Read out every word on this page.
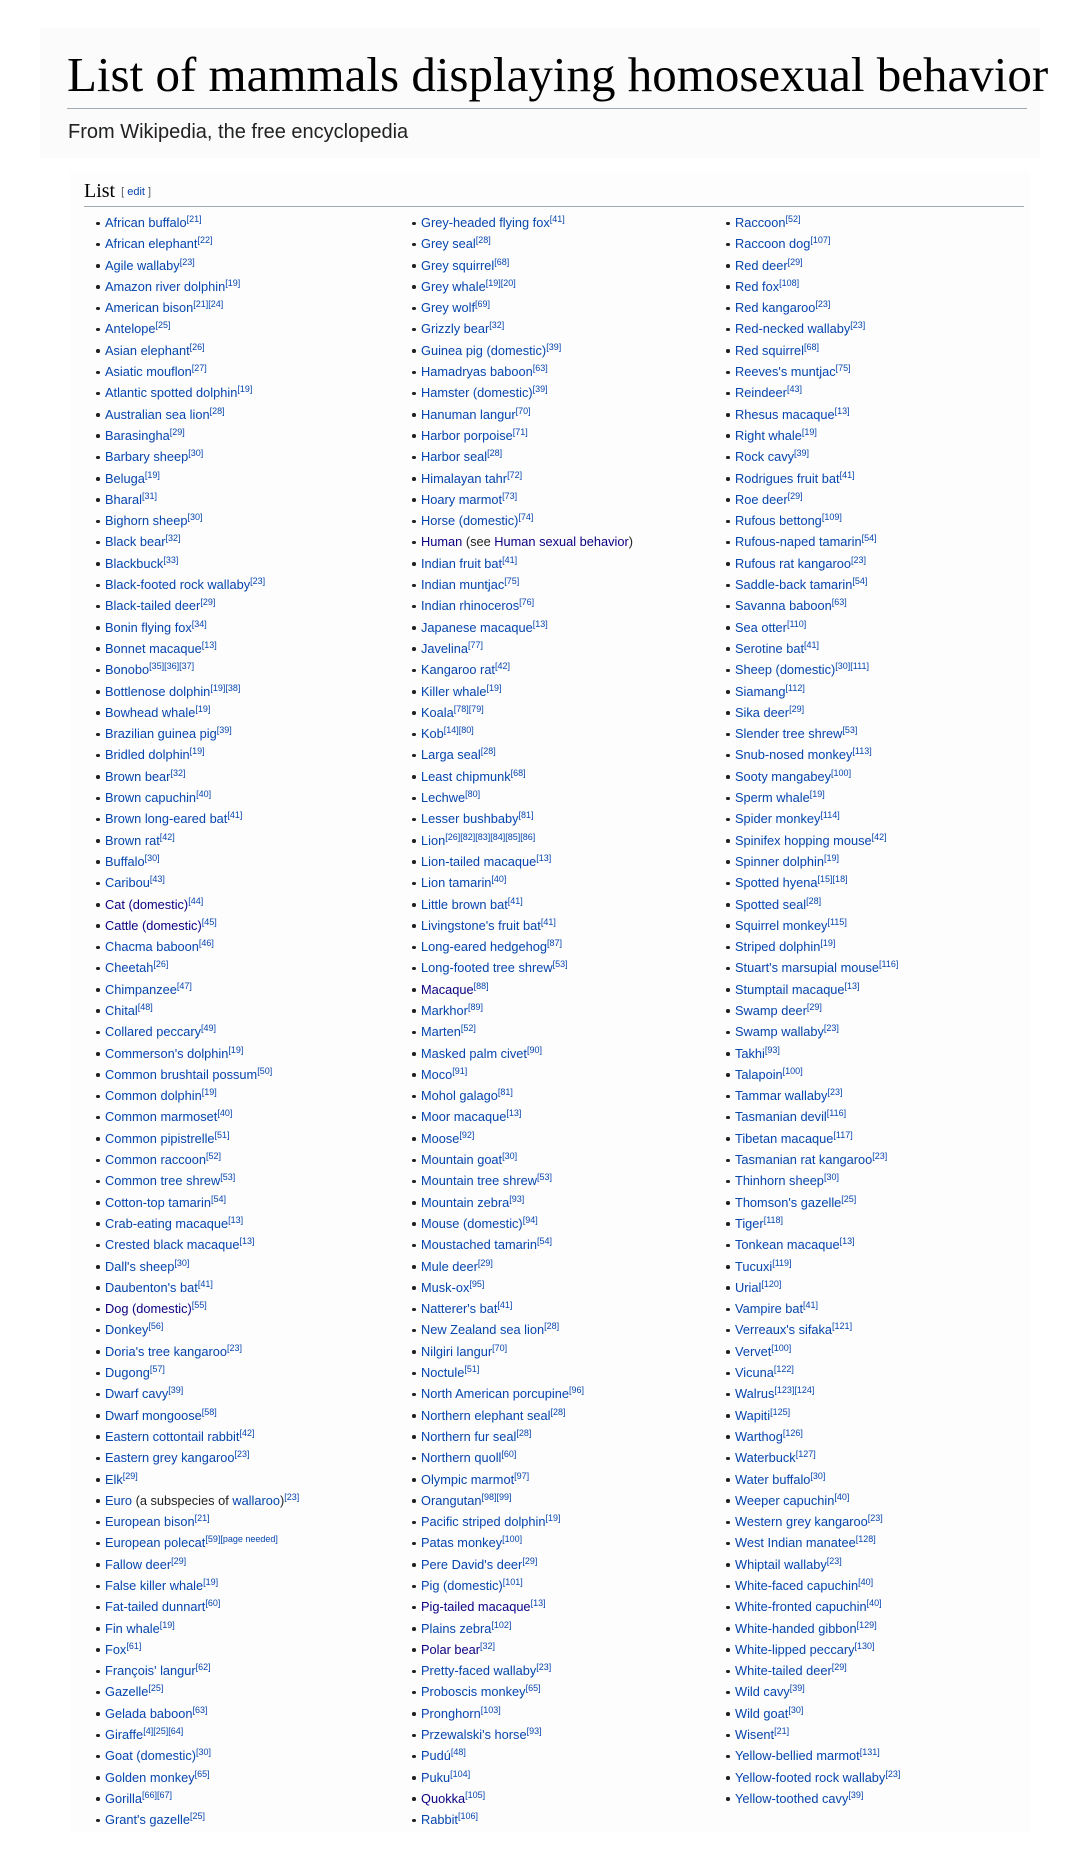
List of mammals displaying homosexual behavior
From Wikipedia, the free encyclopedia
List [ edit ]
African buffalo[21]
African elephant[22]
Agile wallaby[23]
Amazon river dolphin[19]
American bison[21][24]
Antelope[25]
Asian elephant[26]
Asiatic mouflon[27]
Atlantic spotted dolphin[19]
Australian sea lion[28]
Barasingha[29]
Barbary sheep[30]
Beluga[19]
Bharal[31]
Bighorn sheep[30]
Black bear[32]
Blackbuck[33]
Black-footed rock wallaby[23]
Black-tailed deer[29]
Bonin flying fox[34]
Bonnet macaque[13]
Bonobo[35][36][37]
Bottlenose dolphin[19][38]
Bowhead whale[19]
Brazilian guinea pig[39]
Bridled dolphin[19]
Brown bear[32]
Brown capuchin[40]
Brown long-eared bat[41]
Brown rat[42]
Buffalo[30]
Caribou[43]
Cat (domestic)[44]
Cattle (domestic)[45]
Chacma baboon[46]
Cheetah[26]
Chimpanzee[47]
Chital[48]
Collared peccary[49]
Commerson's dolphin[19]
Common brushtail possum[50]
Common dolphin[19]
Common marmoset[40]
Common pipistrelle[51]
Common raccoon[52]
Common tree shrew[53]
Cotton-top tamarin[54]
Crab-eating macaque[13]
Crested black macaque[13]
Dall's sheep[30]
Daubenton's bat[41]
Dog (domestic)[55]
Donkey[56]
Doria's tree kangaroo[23]
Dugong[57]
Dwarf cavy[39]
Dwarf mongoose[58]
Eastern cottontail rabbit[42]
Eastern grey kangaroo[23]
Elk[29]
Euro (a subspecies of wallaroo)[23]
European bison[21]
European polecat[59][page needed]
Fallow deer[29]
False killer whale[19]
Fat-tailed dunnart[60]
Fin whale[19]
Fox[61]
François' langur[62]
Gazelle[25]
Gelada baboon[63]
Giraffe[4][25][64]
Goat (domestic)[30]
Golden monkey[65]
Gorilla[66][67]
Grant's gazelle[25]
Grey-headed flying fox[41]
Grey seal[28]
Grey squirrel[68]
Grey whale[19][20]
Grey wolf[69]
Grizzly bear[32]
Guinea pig (domestic)[39]
Hamadryas baboon[63]
Hamster (domestic)[39]
Hanuman langur[70]
Harbor porpoise[71]
Harbor seal[28]
Himalayan tahr[72]
Hoary marmot[73]
Horse (domestic)[74]
Human (see Human sexual behavior)
Indian fruit bat[41]
Indian muntjac[75]
Indian rhinoceros[76]
Japanese macaque[13]
Javelina[77]
Kangaroo rat[42]
Killer whale[19]
Koala[78][79]
Kob[14][80]
Larga seal[28]
Least chipmunk[68]
Lechwe[80]
Lesser bushbaby[81]
Lion[26][82][83][84][85][86]
Lion-tailed macaque[13]
Lion tamarin[40]
Little brown bat[41]
Livingstone's fruit bat[41]
Long-eared hedgehog[87]
Long-footed tree shrew[53]
Macaque[88]
Markhor[89]
Marten[52]
Masked palm civet[90]
Moco[91]
Mohol galago[81]
Moor macaque[13]
Moose[92]
Mountain goat[30]
Mountain tree shrew[53]
Mountain zebra[93]
Mouse (domestic)[94]
Moustached tamarin[54]
Mule deer[29]
Musk-ox[95]
Natterer's bat[41]
New Zealand sea lion[28]
Nilgiri langur[70]
Noctule[51]
North American porcupine[96]
Northern elephant seal[28]
Northern fur seal[28]
Northern quoll[60]
Olympic marmot[97]
Orangutan[98][99]
Pacific striped dolphin[19]
Patas monkey[100]
Pere David's deer[29]
Pig (domestic)[101]
Pig-tailed macaque[13]
Plains zebra[102]
Polar bear[32]
Pretty-faced wallaby[23]
Proboscis monkey[65]
Pronghorn[103]
Przewalski's horse[93]
Pudú[48]
Puku[104]
Quokka[105]
Rabbit[106]
Raccoon[52]
Raccoon dog[107]
Red deer[29]
Red fox[108]
Red kangaroo[23]
Red-necked wallaby[23]
Red squirrel[68]
Reeves's muntjac[75]
Reindeer[43]
Rhesus macaque[13]
Right whale[19]
Rock cavy[39]
Rodrigues fruit bat[41]
Roe deer[29]
Rufous bettong[109]
Rufous-naped tamarin[54]
Rufous rat kangaroo[23]
Saddle-back tamarin[54]
Savanna baboon[63]
Sea otter[110]
Serotine bat[41]
Sheep (domestic)[30][111]
Siamang[112]
Sika deer[29]
Slender tree shrew[53]
Snub-nosed monkey[113]
Sooty mangabey[100]
Sperm whale[19]
Spider monkey[114]
Spinifex hopping mouse[42]
Spinner dolphin[19]
Spotted hyena[15][18]
Spotted seal[28]
Squirrel monkey[115]
Striped dolphin[19]
Stuart's marsupial mouse[116]
Stumptail macaque[13]
Swamp deer[29]
Swamp wallaby[23]
Takhi[93]
Talapoin[100]
Tammar wallaby[23]
Tasmanian devil[116]
Tibetan macaque[117]
Tasmanian rat kangaroo[23]
Thinhorn sheep[30]
Thomson's gazelle[25]
Tiger[118]
Tonkean macaque[13]
Tucuxi[119]
Urial[120]
Vampire bat[41]
Verreaux's sifaka[121]
Vervet[100]
Vicuna[122]
Walrus[123][124]
Wapiti[125]
Warthog[126]
Waterbuck[127]
Water buffalo[30]
Weeper capuchin[40]
Western grey kangaroo[23]
West Indian manatee[128]
Whiptail wallaby[23]
White-faced capuchin[40]
White-fronted capuchin[40]
White-handed gibbon[129]
White-lipped peccary[130]
White-tailed deer[29]
Wild cavy[39]
Wild goat[30]
Wisent[21]
Yellow-bellied marmot[131]
Yellow-footed rock wallaby[23]
Yellow-toothed cavy[39]
